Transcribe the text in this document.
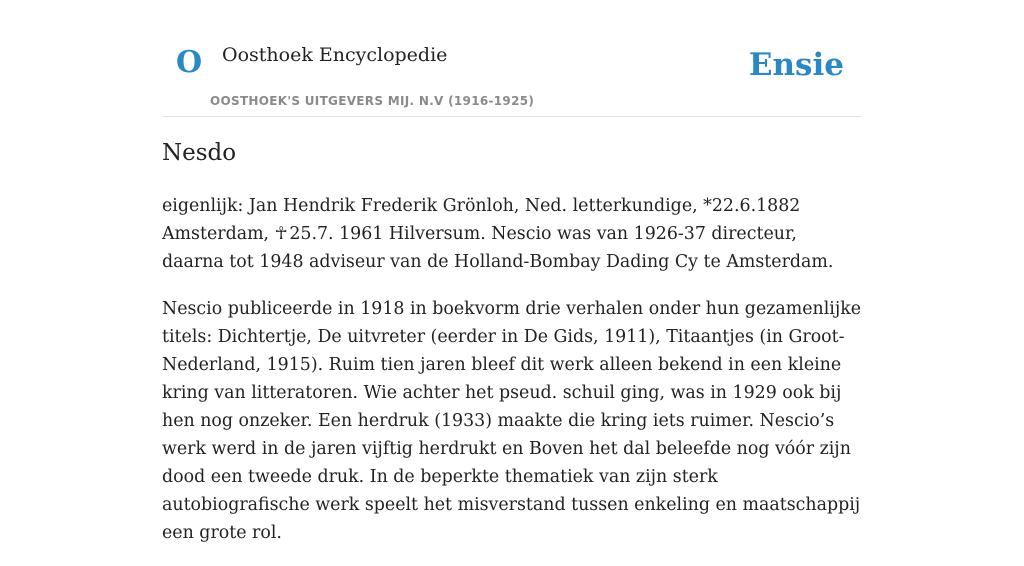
O Oosthoek Encyclopedie
OOSTHOEK'S UITGEVERS MIJ. N.V (1916-1925)
Ensie
Nesdo

eigenlijk: Jan Hendrik Frederik Grönloh, Ned. letterkundige, *22.6.1882 Amsterdam, ☥ 25.7. 1961 Hilversum. Nescio was van 1926-37 directeur, daarna tot 1948 adviseur van de Holland-Bombay Dading Cy te Amsterdam.

Nescio publiceerde in 1918 in boekvorm drie verhalen onder hun gezamenlijke titels: Dichtertje, De uitvreter (eerder in De Gids, 1911), Titaantjes (in Groot-Nederland, 1915). Ruim tien jaren bleef dit werk alleen bekend in een kleine kring van litteratoren. Wie achter het pseud. schuil ging, was in 1929 ook bij hen nog onzeker. Een herdruk (1933) maakte die kring iets ruimer. Nescio’s werk werd in de jaren vijftig herdrukt en Boven het dal beleefde nog vóór zijn dood een tweede druk. In de beperkte thematiek van zijn sterk autobiografische werk speelt het misverstand tussen enkeling en maatschappij een grote rol.
